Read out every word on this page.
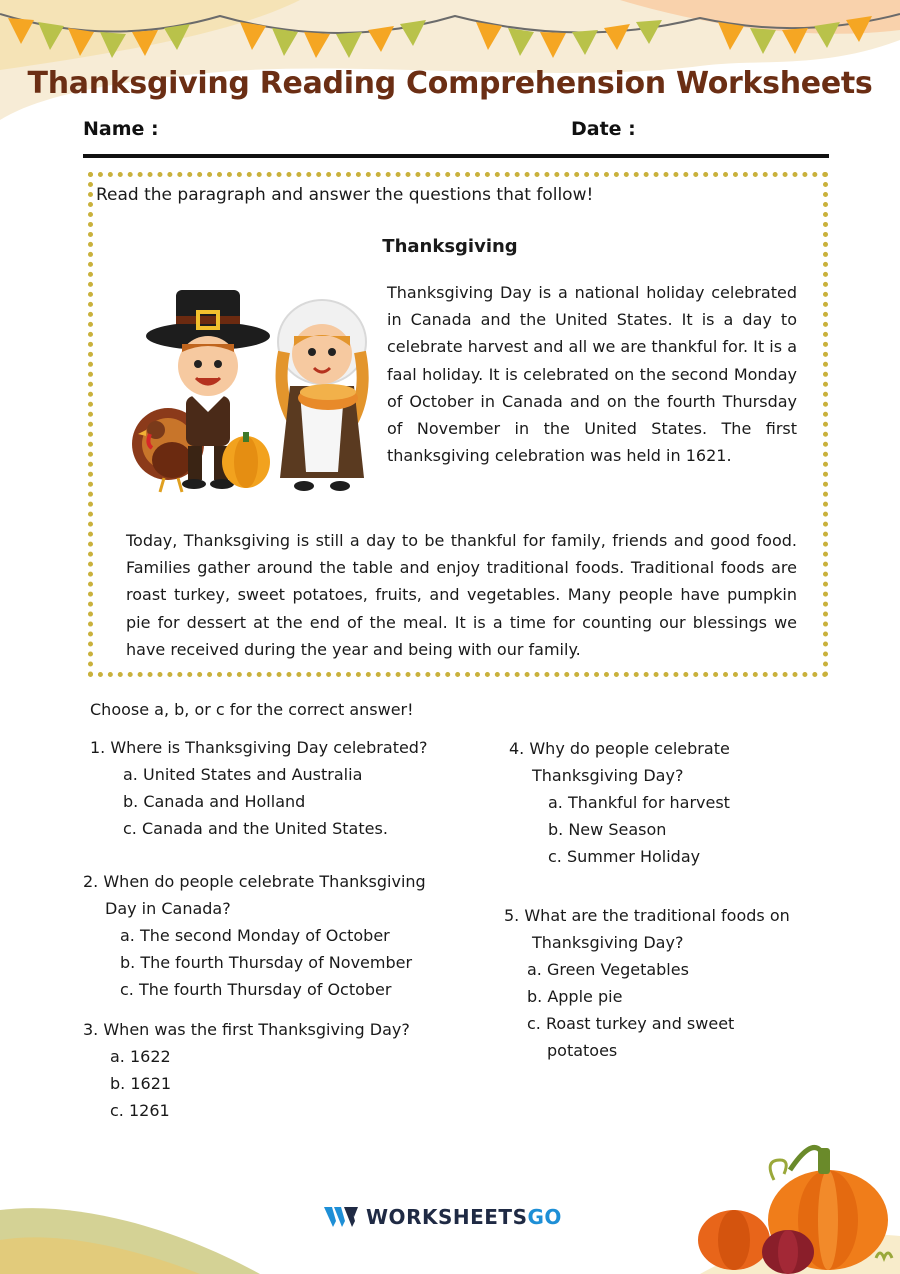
Thanksgiving Reading Comprehension Worksheets
Name :	Date :
Read the paragraph and answer the questions that follow!
Thanksgiving

Thanksgiving Day is a national holiday celebrated in Canada and the United States. It is a day to celebrate harvest and all we are thankful for. It is a faal holiday. It is celebrated on the second Monday of October in Canada and on the fourth Thursday of November in the United States. The first thanksgiving celebration was held in 1621.

Today, Thanksgiving is still a day to be thankful for family, friends and good food. Families gather around the table and enjoy traditional foods. Traditional foods are roast turkey, sweet potatoes, fruits, and vegetables. Many people have pumpkin pie for dessert at the end of the meal. It is a time for counting our blessings we have received during the year and being with our family.

Choose a, b, or c for the correct answer!
1. Where is Thanksgiving Day celebrated?
a. United States and Australia
b. Canada and Holland
c. Canada and the United States.
2. When do people celebrate Thanksgiving
Day in Canada?
a. The second Monday of October
b. The fourth Thursday of November
c. The fourth Thursday of October
3. When was the first Thanksgiving Day?
a. 1622
b. 1621
c. 1261
4. Why do people celebrate
Thanksgiving Day?
a. Thankful for harvest
b. New Season
c. Summer Holiday
5. What are the traditional foods on
Thanksgiving Day?
a. Green Vegetables
b. Apple pie
c. Roast turkey and sweet
potatoes
WORKSHEETSGO
